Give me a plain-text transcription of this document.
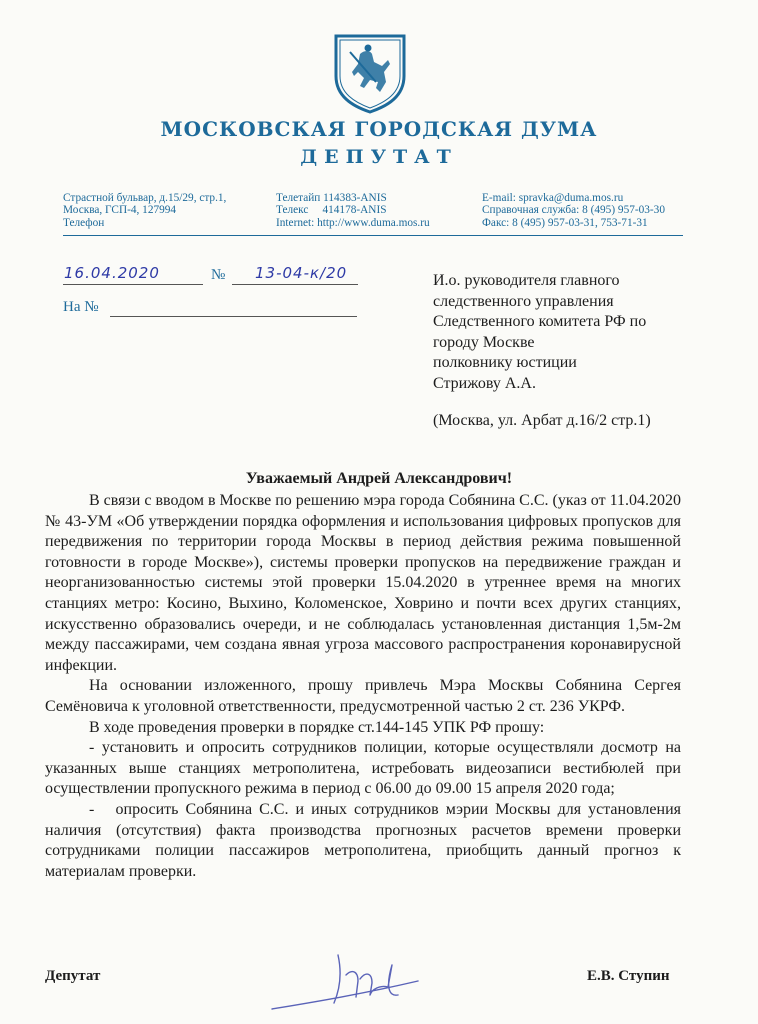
МОСКОВСКАЯ ГОРОДСКАЯ ДУМА
ДЕПУТАТ
Страстной бульвар, д.15/29, стр.1,
Москва, ГСП-4, 127994
Телефон
Телетайп 114383-ANIS
Телекс     414178-ANIS
Internet: http://www.duma.mos.ru
E-mail: spravka@duma.mos.ru
Справочная служба: 8 (495) 957-03-30
Факс: 8 (495) 957-03-31, 753-71-31
16.04.2020	№ 13-04-к/20
На №
И.о. руководителя главного
следственного управления
Следственного комитета РФ по
городу Москве
полковнику юстиции
Стрижову А.А.
(Москва, ул. Арбат д.16/2 стр.1)
Уважаемый Андрей Александрович!

В связи с вводом в Москве по решению мэра города Собянина С.С. (указ от 11.04.2020 № 43-УМ «Об утверждении порядка оформления и использования цифровых пропусков для передвижения по территории города Москвы в период действия режима повышенной готовности в городе Москве»), системы проверки пропусков на передвижение граждан и неорганизованностью системы этой проверки 15.04.2020 в утреннее время на многих станциях метро: Косино, Выхино, Коломенское, Ховрино и почти всех других станциях, искусственно образовались очереди, и не соблюдалась установленная дистанция 1,5м-2м между пассажирами, чем создана явная угроза массового распространения коронавирусной инфекции.

На основании изложенного, прошу привлечь Мэра Москвы Собянина Сергея Семёновича к уголовной ответственности, предусмотренной частью 2 ст. 236 УКРФ.

В ходе проведения проверки в порядке ст.144-145 УПК РФ прошу:

- установить и опросить сотрудников полиции, которые осуществляли досмотр на указанных выше станциях метрополитена, истребовать видеозаписи вестибюлей при осуществлении пропускного режима в период с 06.00 до 09.00 15 апреля 2020 года;

-   опросить Собянина С.С. и иных сотрудников мэрии Москвы для установления наличия (отсутствия) факта производства прогнозных расчетов времени проверки сотрудниками полиции пассажиров метрополитена, приобщить данный прогноз к материалам проверки.

Депутат	Е.В. Ступин
